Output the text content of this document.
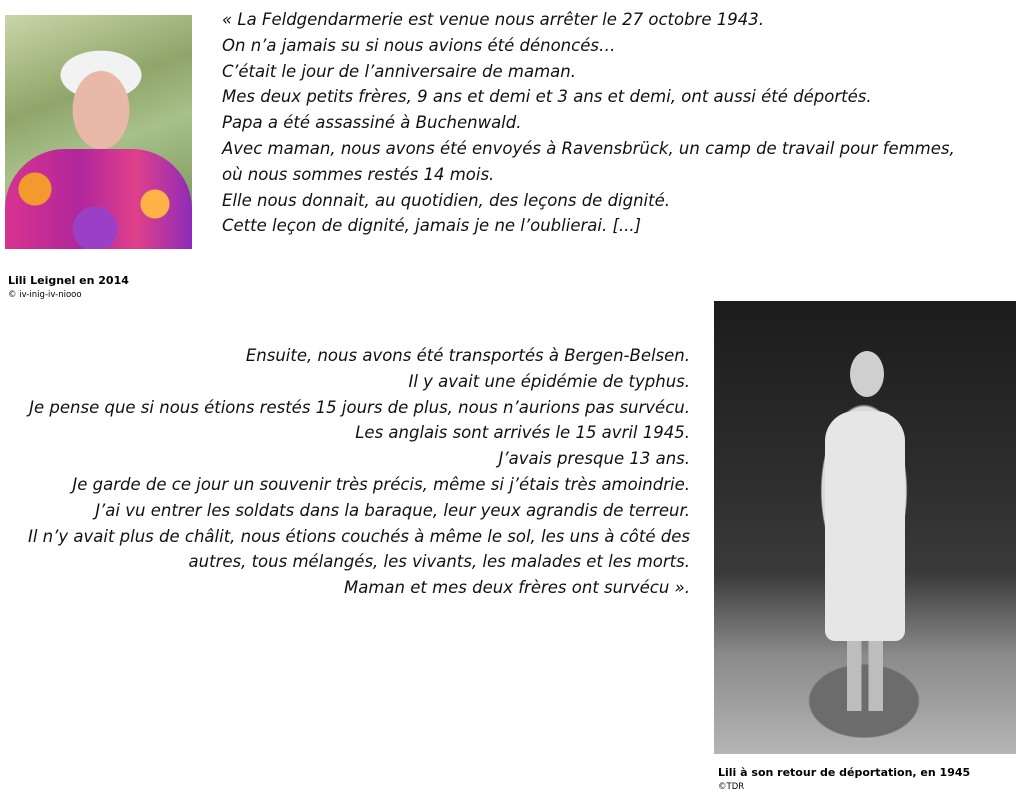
Lili Leignel en 2014

© iv-inig-iv-niooo

« La Feldgendarmerie est venue nous arrêter le 27 octobre 1943.

On n’a jamais su si nous avions été dénoncés…

C’était le jour de l’anniversaire de maman.

Mes deux petits frères, 9 ans et demi et 3 ans et demi, ont aussi été déportés.

Papa a été assassiné à Buchenwald.

Avec maman, nous avons été envoyés à Ravensbrück, un camp de travail pour femmes,

où nous sommes restés 14 mois.

Elle nous donnait, au quotidien, des leçons de dignité.

Cette leçon de dignité, jamais je ne l’oublierai. [...]

Ensuite, nous avons été transportés à Bergen-Belsen.

Il y avait une épidémie de typhus.

Je pense que si nous étions restés 15 jours de plus, nous n’aurions pas survécu.

Les anglais sont arrivés le 15 avril 1945.

J’avais presque 13 ans.

Je garde de ce jour un souvenir très précis, même si j’étais très amoindrie.

J’ai vu entrer les soldats dans la baraque, leur yeux agrandis de terreur.

Il n’y avait plus de châlit, nous étions couchés à même le sol, les uns à côté des

autres, tous mélangés, les vivants, les malades et les morts.

Maman et mes deux frères ont survécu ».

Lili à son retour de déportation, en 1945

©TDR
